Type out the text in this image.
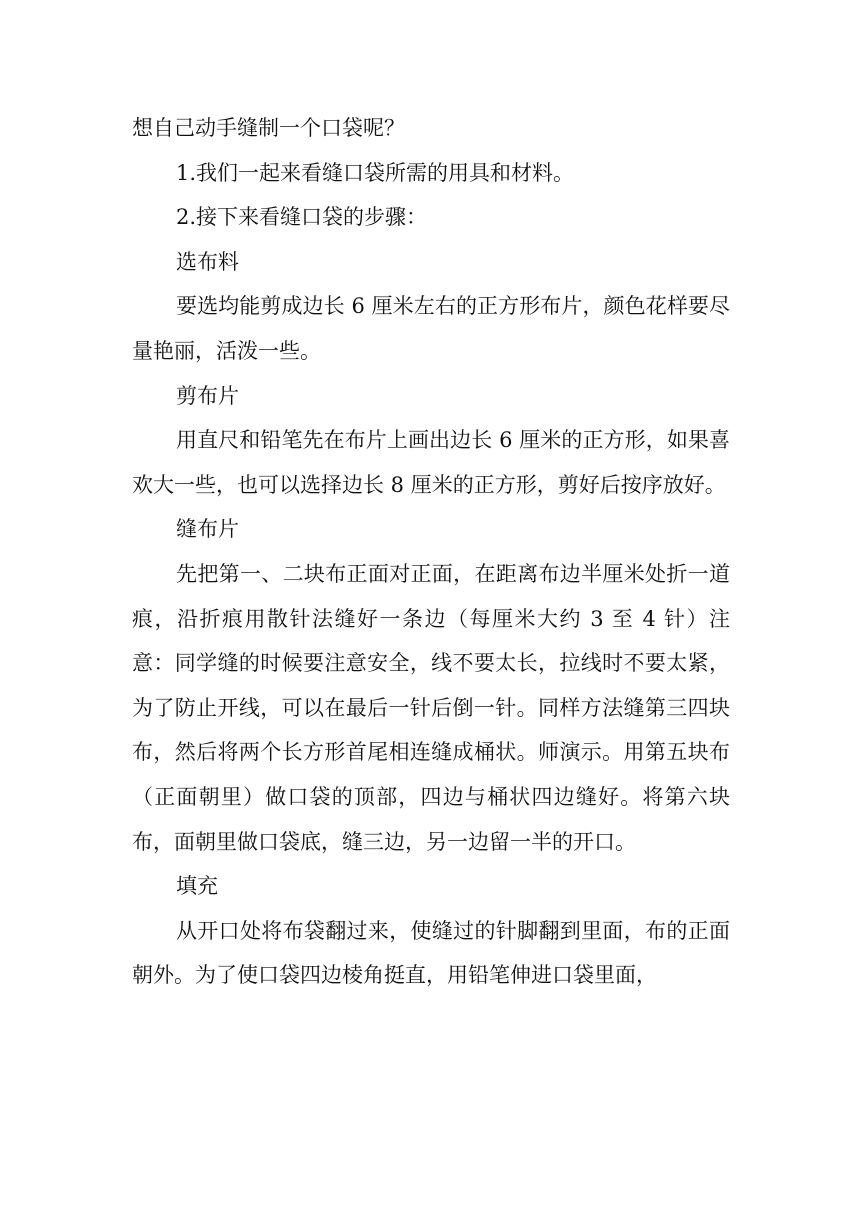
想自己动手缝制一个口袋呢？

1.我们一起来看缝口袋所需的用具和材料。

2.接下来看缝口袋的步骤：

选布料

要选均能剪成边长 6 厘米左右的正方形布片，颜色花样要尽量艳丽，活泼一些。

剪布片

用直尺和铅笔先在布片上画出边长 6 厘米的正方形，如果喜欢大一些，也可以选择边长 8 厘米的正方形，剪好后按序放好。

缝布片

先把第一、二块布正面对正面，在距离布边半厘米处折一道痕，沿折痕用散针法缝好一条边（每厘米大约 3 至 4 针）注意：同学缝的时候要注意安全，线不要太长，拉线时不要太紧，为了防止开线，可以在最后一针后倒一针。同样方法缝第三四块布，然后将两个长方形首尾相连缝成桶状。师演示。用第五块布（正面朝里）做口袋的顶部，四边与桶状四边缝好。将第六块布，面朝里做口袋底，缝三边，另一边留一半的开口。

填充

从开口处将布袋翻过来，使缝过的针脚翻到里面，布的正面朝外。为了使口袋四边棱角挺直，用铅笔伸进口袋里面，
